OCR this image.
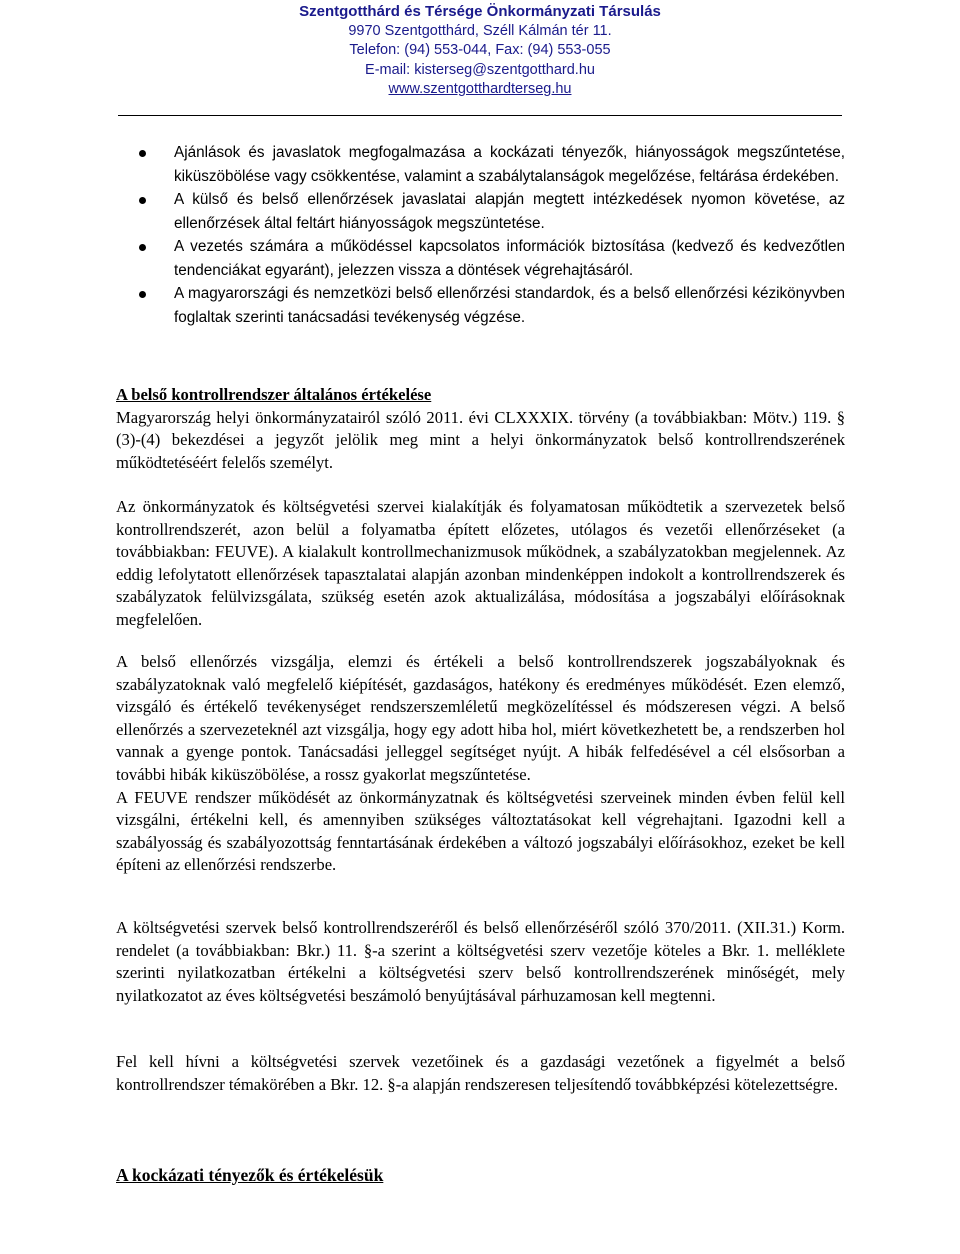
Szentgotthárd és Térsége Önkormányzati Társulás
9970 Szentgotthárd, Széll Kálmán tér 11.
Telefon: (94) 553-044, Fax: (94) 553-055
E-mail: kisterseg@szentgotthard.hu
www.szentgotthardterseg.hu
Ajánlások és javaslatok megfogalmazása a kockázati tényezők, hiányosságok megszűntetése, kiküszöbölése vagy csökkentése, valamint a szabálytalanságok megelőzése, feltárása érdekében.
A külső és belső ellenőrzések javaslatai alapján megtett intézkedések nyomon követése, az ellenőrzések által feltárt hiányosságok megszüntetése.
A vezetés számára a működéssel kapcsolatos információk biztosítása (kedvező és kedvezőtlen tendenciákat egyaránt), jelezzen vissza a döntések végrehajtásáról.
A magyarországi és nemzetközi belső ellenőrzési standardok, és a belső ellenőrzési kézikönyvben foglaltak szerinti tanácsadási tevékenység végzése.

A belső kontrollrendszer általános értékelése

Magyarország helyi önkormányzatairól szóló 2011. évi CLXXXIX. törvény (a továbbiakban: Mötv.) 119. § (3)-(4) bekezdései a jegyzőt jelölik meg mint a helyi önkormányzatok belső kontrollrendszerének működtetéséért felelős személyt.

Az önkormányzatok és költségvetési szervei kialakítják és folyamatosan működtetik a szervezetek belső kontrollrendszerét, azon belül a folyamatba épített előzetes, utólagos és vezetői ellenőrzéseket (a továbbiakban: FEUVE). A kialakult kontrollmechanizmusok működnek, a szabályzatokban megjelennek. Az eddig lefolytatott ellenőrzések tapasztalatai alapján azonban mindenképpen indokolt a kontrollrendszerek és szabályzatok felülvizsgálata, szükség esetén azok aktualizálása, módosítása a jogszabályi előírásoknak megfelelően.

A belső ellenőrzés vizsgálja, elemzi és értékeli a belső kontrollrendszerek jogszabályoknak és szabályzatoknak való megfelelő kiépítését, gazdaságos, hatékony és eredményes működését. Ezen elemző, vizsgáló és értékelő tevékenységet rendszerszemléletű megközelítéssel és módszeresen végzi. A belső ellenőrzés a szervezeteknél azt vizsgálja, hogy egy adott hiba hol, miért következhetett be, a rendszerben hol vannak a gyenge pontok. Tanácsadási jelleggel segítséget nyújt. A hibák felfedésével a cél elsősorban a további hibák kiküszöbölése, a rossz gyakorlat megszűntetése.

A FEUVE rendszer működését az önkormányzatnak és költségvetési szerveinek minden évben felül kell vizsgálni, értékelni kell, és amennyiben szükséges változtatásokat kell végrehajtani. Igazodni kell a szabályosság és szabályozottság fenntartásának érdekében a változó jogszabályi előírásokhoz, ezeket be kell építeni az ellenőrzési rendszerbe.

A költségvetési szervek belső kontrollrendszeréről és belső ellenőrzéséről szóló 370/2011. (XII.31.) Korm. rendelet (a továbbiakban: Bkr.) 11. §-a szerint a költségvetési szerv vezetője köteles a Bkr. 1. melléklete szerinti nyilatkozatban értékelni a költségvetési szerv belső kontrollrendszerének minőségét, mely nyilatkozatot az éves költségvetési beszámoló benyújtásával párhuzamosan kell megtenni.

Fel kell hívni a költségvetési szervek vezetőinek és a gazdasági vezetőnek a figyelmét a belső kontrollrendszer témakörében a Bkr. 12. §-a alapján rendszeresen teljesítendő továbbképzési kötelezettségre.

A kockázati tényezők és értékelésük
